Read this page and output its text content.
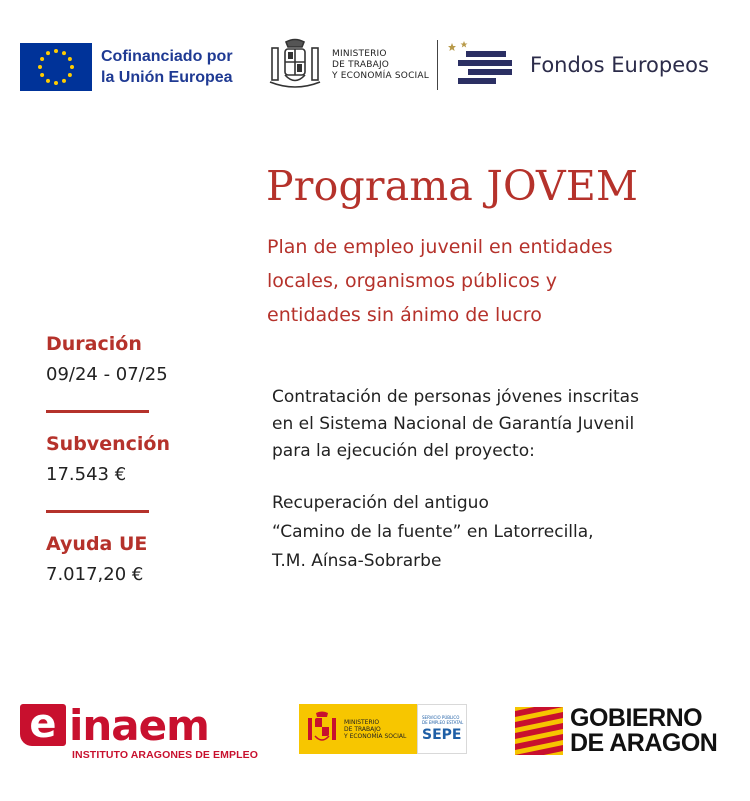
Cofinanciado por
la Unión Europea
MINISTERIO
DE TRABAJO
Y ECONOMÍA SOCIAL	Fondos Europeos
Programa JOVEM
Plan de empleo juvenil en entidades
locales, organismos públicos y
entidades sin ánimo de lucro
Duración
09/24 - 07/25
Subvención
17.543 €
Ayuda UE
7.017,20 €
Contratación de personas jóvenes inscritas
en el Sistema Nacional de Garantía Juvenil
para la ejecución del proyecto:
Recuperación del antiguo
“Camino de la fuente” en Latorrecilla,
T.M. Aínsa-Sobrarbe
e inaem
INSTITUTO ARAGONES DE EMPLEO
MINISTERIO
DE TRABAJO
Y ECONOMÍA SOCIAL
SERVICIO PÚBLICO
DE EMPLEO ESTATAL
SEPE
GOBIERNO
DE ARAGON
